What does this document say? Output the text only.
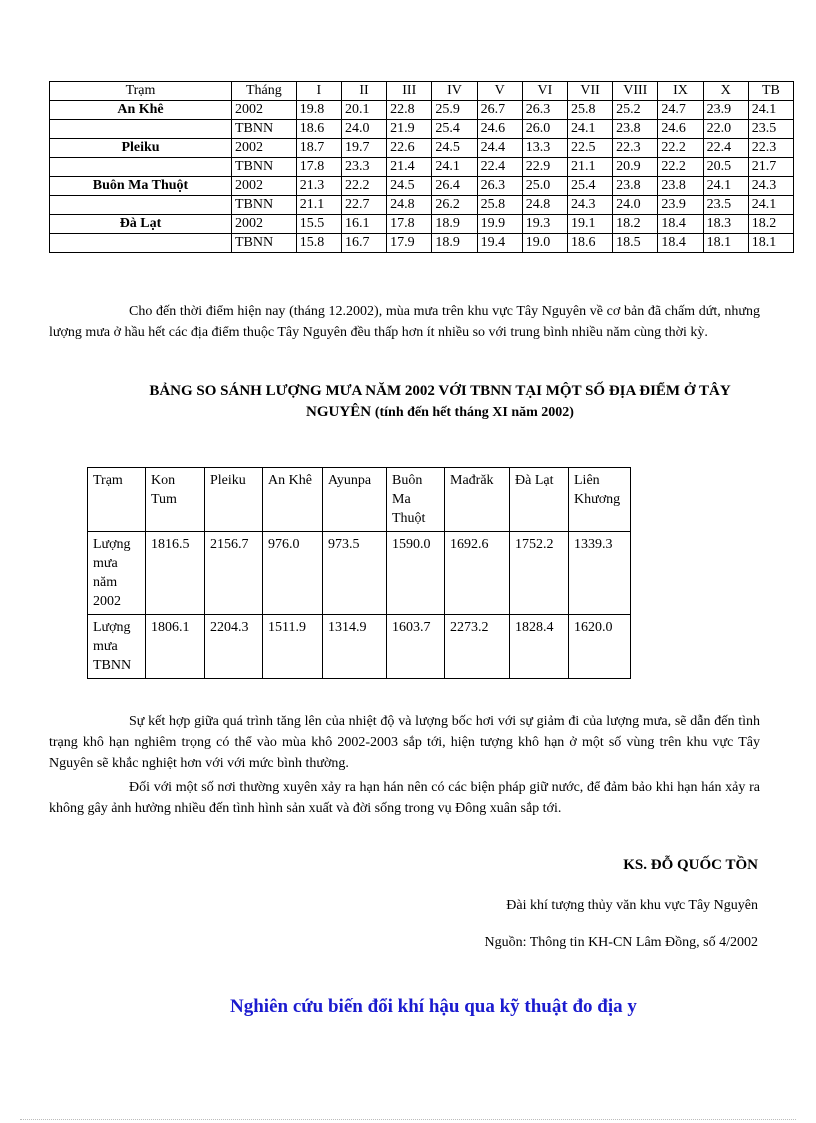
Trạm	Tháng	I	II	III	IV	V	VI	VII	VIII	IX	X	TB
An Khê	2002	19.8	20.1	22.8	25.9	26.7	26.3	25.8	25.2	24.7	23.9	24.1
	TBNN	18.6	24.0	21.9	25.4	24.6	26.0	24.1	23.8	24.6	22.0	23.5
Pleiku	2002	18.7	19.7	22.6	24.5	24.4	13.3	22.5	22.3	22.2	22.4	22.3
	TBNN	17.8	23.3	21.4	24.1	22.4	22.9	21.1	20.9	22.2	20.5	21.7
Buôn Ma Thuột	2002	21.3	22.2	24.5	26.4	26.3	25.0	25.4	23.8	23.8	24.1	24.3
	TBNN	21.1	22.7	24.8	26.2	25.8	24.8	24.3	24.0	23.9	23.5	24.1
Đà Lạt	2002	15.5	16.1	17.8	18.9	19.9	19.3	19.1	18.2	18.4	18.3	18.2
	TBNN	15.8	16.7	17.9	18.9	19.4	19.0	18.6	18.5	18.4	18.1	18.1
Cho đến thời điểm hiện nay (tháng 12.2002), mùa mưa trên khu vực Tây Nguyên về cơ bản đã chấm dứt, nhưng lượng mưa ở hầu hết các địa điểm thuộc Tây Nguyên đều thấp hơn ít nhiều so với trung bình nhiều năm cùng thời kỳ.
BẢNG SO SÁNH LƯỢNG MƯA NĂM 2002 VỚI TBNN TẠI MỘT SỐ ĐỊA ĐIỂM Ở TÂY NGUYÊN (tính đến hết tháng XI năm 2002)
Trạm	Kon Tum	Pleiku	An Khê	Ayunpa	Buôn Ma Thuột	Mađrăk	Đà Lạt	Liên Khương
Lượng mưa năm 2002	1816.5	2156.7	976.0	973.5	1590.0	1692.6	1752.2	1339.3
Lượng mưa TBNN	1806.1	2204.3	1511.9	1314.9	1603.7	2273.2	1828.4	1620.0
Sự kết hợp giữa quá trình tăng lên của nhiệt độ và lượng bốc hơi với sự giảm đi của lượng mưa, sẽ dẫn đến tình trạng khô hạn nghiêm trọng có thể vào mùa khô 2002-2003 sắp tới, hiện tượng khô hạn ở một số vùng trên khu vực Tây Nguyên sẽ khắc nghiệt hơn với với mức bình thường.
Đối với một số nơi thường xuyên xảy ra hạn hán nên có các biện pháp giữ nước, để đảm bảo khi hạn hán xảy ra không gây ảnh hưởng nhiều đến tình hình sản xuất và đời sống trong vụ Đông xuân sắp tới.
KS. ĐỖ QUỐC TỒN
Đài khí tượng thủy văn khu vực Tây Nguyên
Nguồn: Thông tin KH-CN Lâm Đồng, số 4/2002
Nghiên cứu biến đổi khí hậu qua kỹ thuật đo địa y
